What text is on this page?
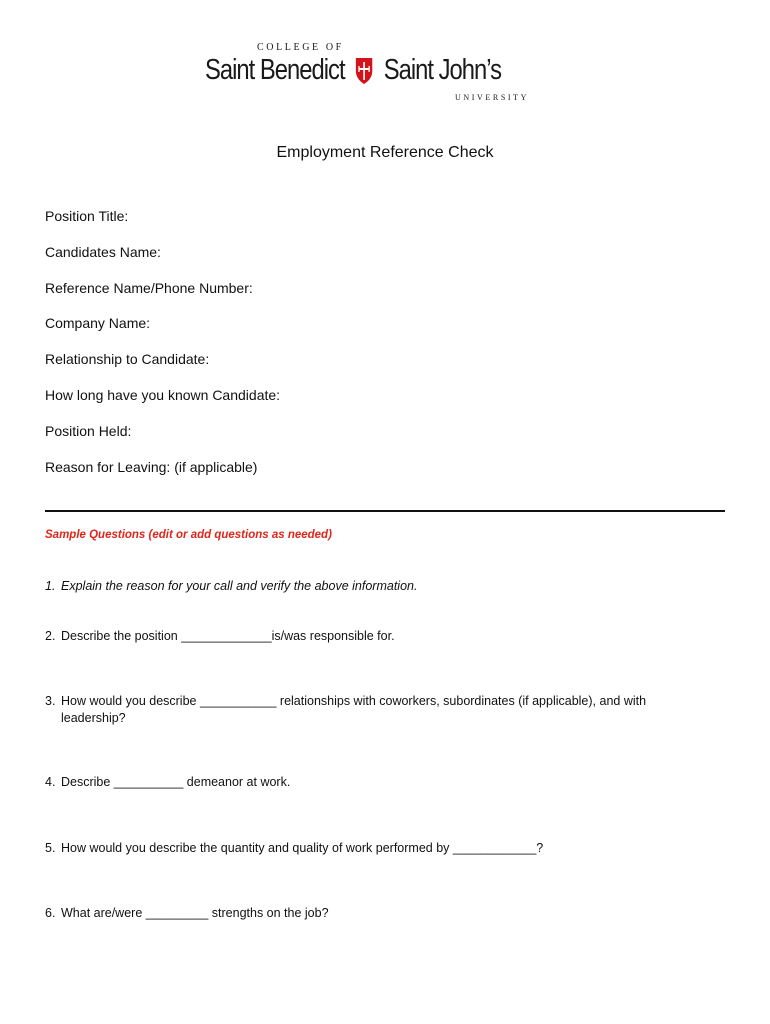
COLLEGE OF
Saint Benedict Saint John’s
UNIVERSITY
Employment Reference Check
Position Title:
Candidates Name:
Reference Name/Phone Number:
Company Name:
Relationship to Candidate:
How long have you known Candidate:
Position Held:
Reason for Leaving: (if applicable)
Sample Questions (edit or add questions as needed)
1. Explain the reason for your call and verify the above information.
2. Describe the position _____________is/was responsible for.
3. How would you describe ___________ relationships with coworkers, subordinates (if applicable), and with
leadership?
4. Describe __________ demeanor at work.
5. How would you describe the quantity and quality of work performed by ____________?
6. What are/were _________ strengths on the job?
